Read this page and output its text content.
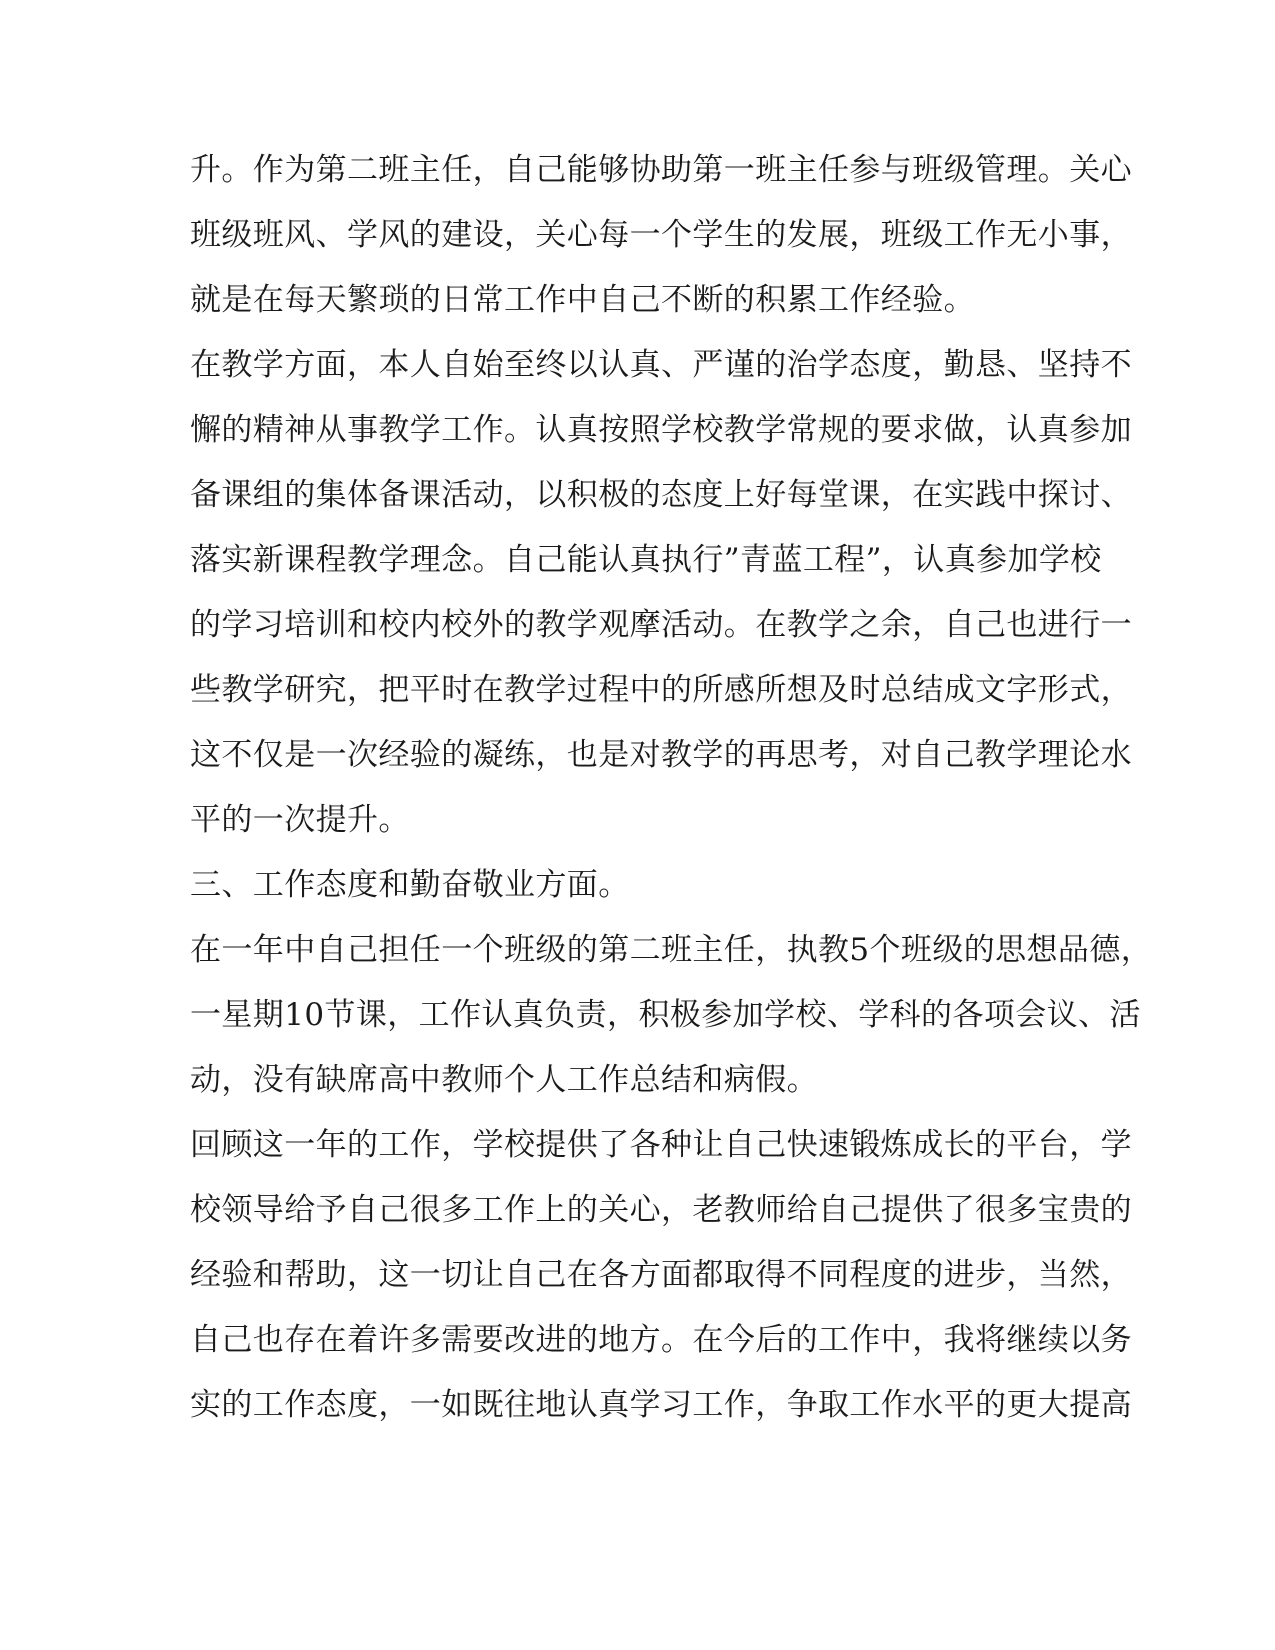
升。作为第二班主任，自己能够协助第一班主任参与班级管理。关心
班级班风、学风的建设，关心每一个学生的发展，班级工作无小事，
就是在每天繁琐的日常工作中自己不断的积累工作经验。
在教学方面，本人自始至终以认真、严谨的治学态度，勤恳、坚持不
懈的精神从事教学工作。认真按照学校教学常规的要求做，认真参加
备课组的集体备课活动，以积极的态度上好每堂课，在实践中探讨、
落实新课程教学理念。自己能认真执行”青蓝工程”，认真参加学校
的学习培训和校内校外的教学观摩活动。在教学之余，自己也进行一
些教学研究，把平时在教学过程中的所感所想及时总结成文字形式，
这不仅是一次经验的凝练，也是对教学的再思考，对自己教学理论水
平的一次提升。
三、工作态度和勤奋敬业方面。
在一年中自己担任一个班级的第二班主任，执教5个班级的思想品德，
一星期10节课，工作认真负责，积极参加学校、学科的各项会议、活
动，没有缺席高中教师个人工作总结和病假。
回顾这一年的工作，学校提供了各种让自己快速锻炼成长的平台，学
校领导给予自己很多工作上的关心，老教师给自己提供了很多宝贵的
经验和帮助，这一切让自己在各方面都取得不同程度的进步，当然，
自己也存在着许多需要改进的地方。在今后的工作中，我将继续以务
实的工作态度，一如既往地认真学习工作，争取工作水平的更大提高
